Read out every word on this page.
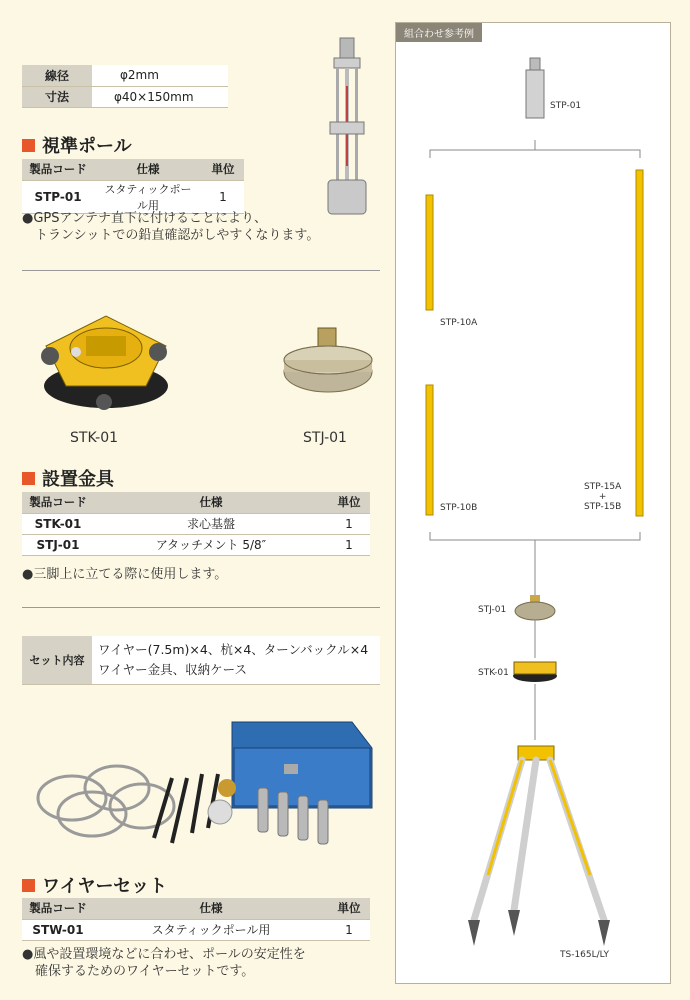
線径	φ2mm
寸法	φ40×150mm
視準ポール
製品コード	仕様	単位
STP-01	スタティックポール用	1
●GPSアンテナ直下に付けることにより、
トランシットでの鉛直確認がしやすくなります。
STK-01	STJ-01
設置金具
製品コード	仕様	単位
STK-01	求心基盤	1
STJ-01	アタッチメント 5/8″	1
●三脚上に立てる際に使用します。
セット内容	
ワイヤー(7.5m)×4、杭×4、ターンバックル×4
ワイヤー金具、収納ケース
ワイヤーセット
製品コード	仕様	単位
STW-01	スタティックポール用	1
●風や設置環境などに合わせ、ポールの安定性を
確保するためのワイヤーセットです。
組合わせ参考例
STP-01
STP-10A
STP-10B
STP-15A
+
STP-15B
STJ-01
STK-01
TS-165L/LY
